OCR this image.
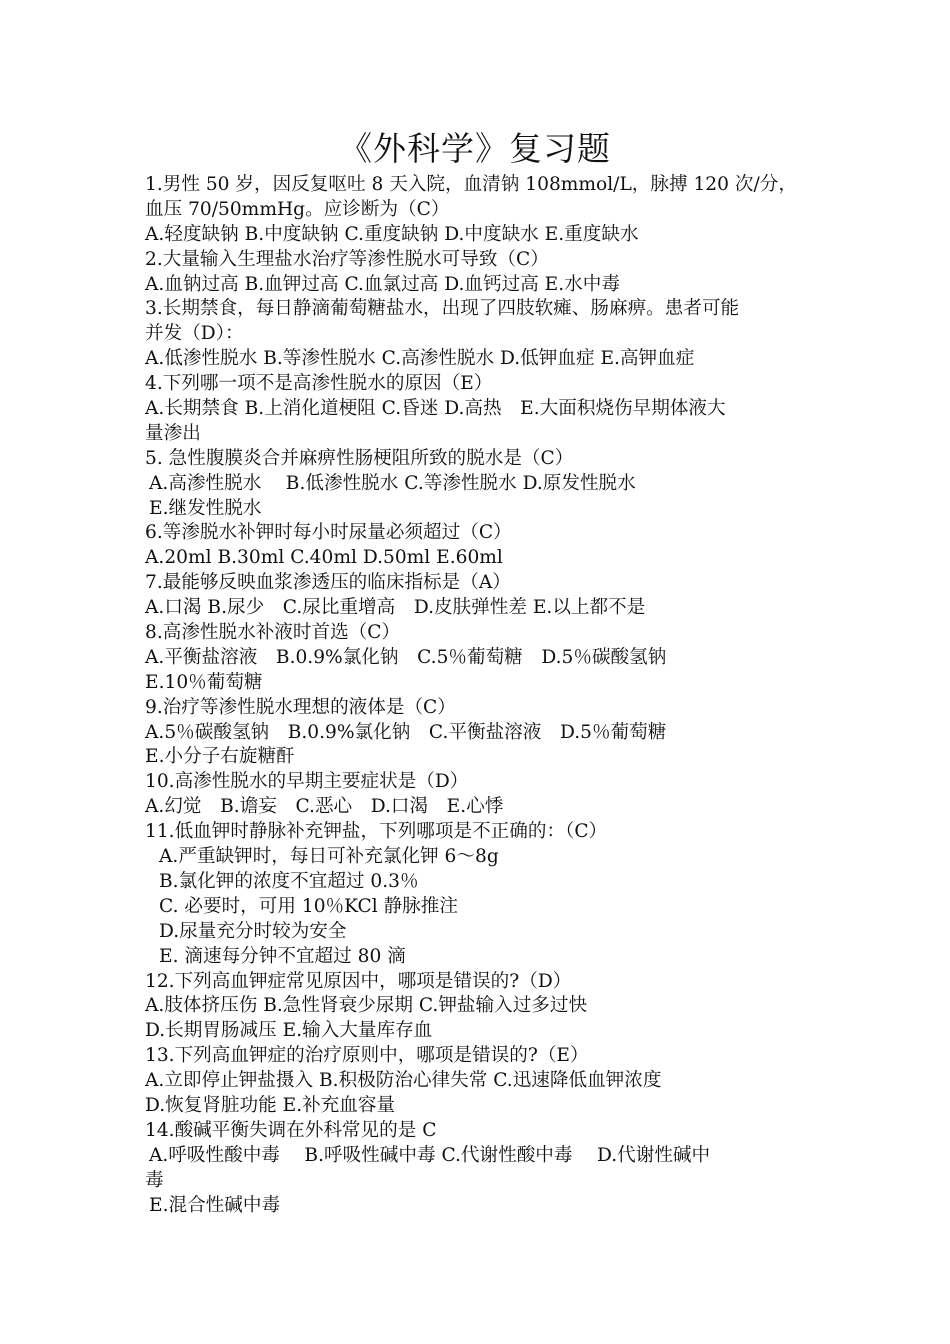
《外科学》复习题
1.男性 50 岁，因反复呕吐 8 天入院，血清钠 108mmol/L，脉搏 120 次/分，
血压 70/50mmHg。应诊断为（C）
A.轻度缺钠 B.中度缺钠 C.重度缺钠 D.中度缺水 E.重度缺水
2.大量输入生理盐水治疗等渗性脱水可导致（C）
A.血钠过高 B.血钾过高 C.血氯过高 D.血钙过高 E.水中毒
3.长期禁食，每日静滴葡萄糖盐水，出现了四肢软瘫、肠麻痹。患者可能
并发（D）：
A.低渗性脱水 B.等渗性脱水 C.高渗性脱水 D.低钾血症 E.高钾血症
4.下列哪一项不是高渗性脱水的原因（E）
A.长期禁食 B.上消化道梗阻 C.昏迷 D.高热　E.大面积烧伤早期体液大
量渗出
5. 急性腹膜炎合并麻痹性肠梗阻所致的脱水是（C）
A.高渗性脱水　 B.低渗性脱水 C.等渗性脱水 D.原发性脱水
E.继发性脱水
6.等渗脱水补钾时每小时尿量必须超过（C）
A.20ml B.30ml C.40ml D.50ml E.60ml
7.最能够反映血浆渗透压的临床指标是（A）
A.口渴 B.尿少　C.尿比重增高　D.皮肤弹性差 E.以上都不是
8.高渗性脱水补液时首选（C）
A.平衡盐溶液　B.0.9%氯化钠　C.5％葡萄糖　D.5％碳酸氢钠
E.10％葡萄糖
9.治疗等渗性脱水理想的液体是（C）
A.5％碳酸氢钠　B.0.9%氯化钠　C.平衡盐溶液　D.5％葡萄糖
E.小分子右旋糖酐
10.高渗性脱水的早期主要症状是（D）
A.幻觉　B.谵妄　C.恶心　D.口渴　E.心悸
11.低血钾时静脉补充钾盐，下列哪项是不正确的：（C）
A.严重缺钾时，每日可补充氯化钾 6～8g
B.氯化钾的浓度不宜超过 0.3％
C. 必要时，可用 10％KCl 静脉推注
D.尿量充分时较为安全
E. 滴速每分钟不宜超过 80 滴
12.下列高血钾症常见原因中，哪项是错误的?（D）
A.肢体挤压伤 B.急性肾衰少尿期 C.钾盐输入过多过快
D.长期胃肠减压 E.输入大量库存血
13.下列高血钾症的治疗原则中，哪项是错误的?（E）
A.立即停止钾盐摄入 B.积极防治心律失常 C.迅速降低血钾浓度
D.恢复肾脏功能 E.补充血容量
14.酸碱平衡失调在外科常见的是 C
A.呼吸性酸中毒　 B.呼吸性碱中毒 C.代谢性酸中毒　 D.代谢性碱中
毒
E.混合性碱中毒
